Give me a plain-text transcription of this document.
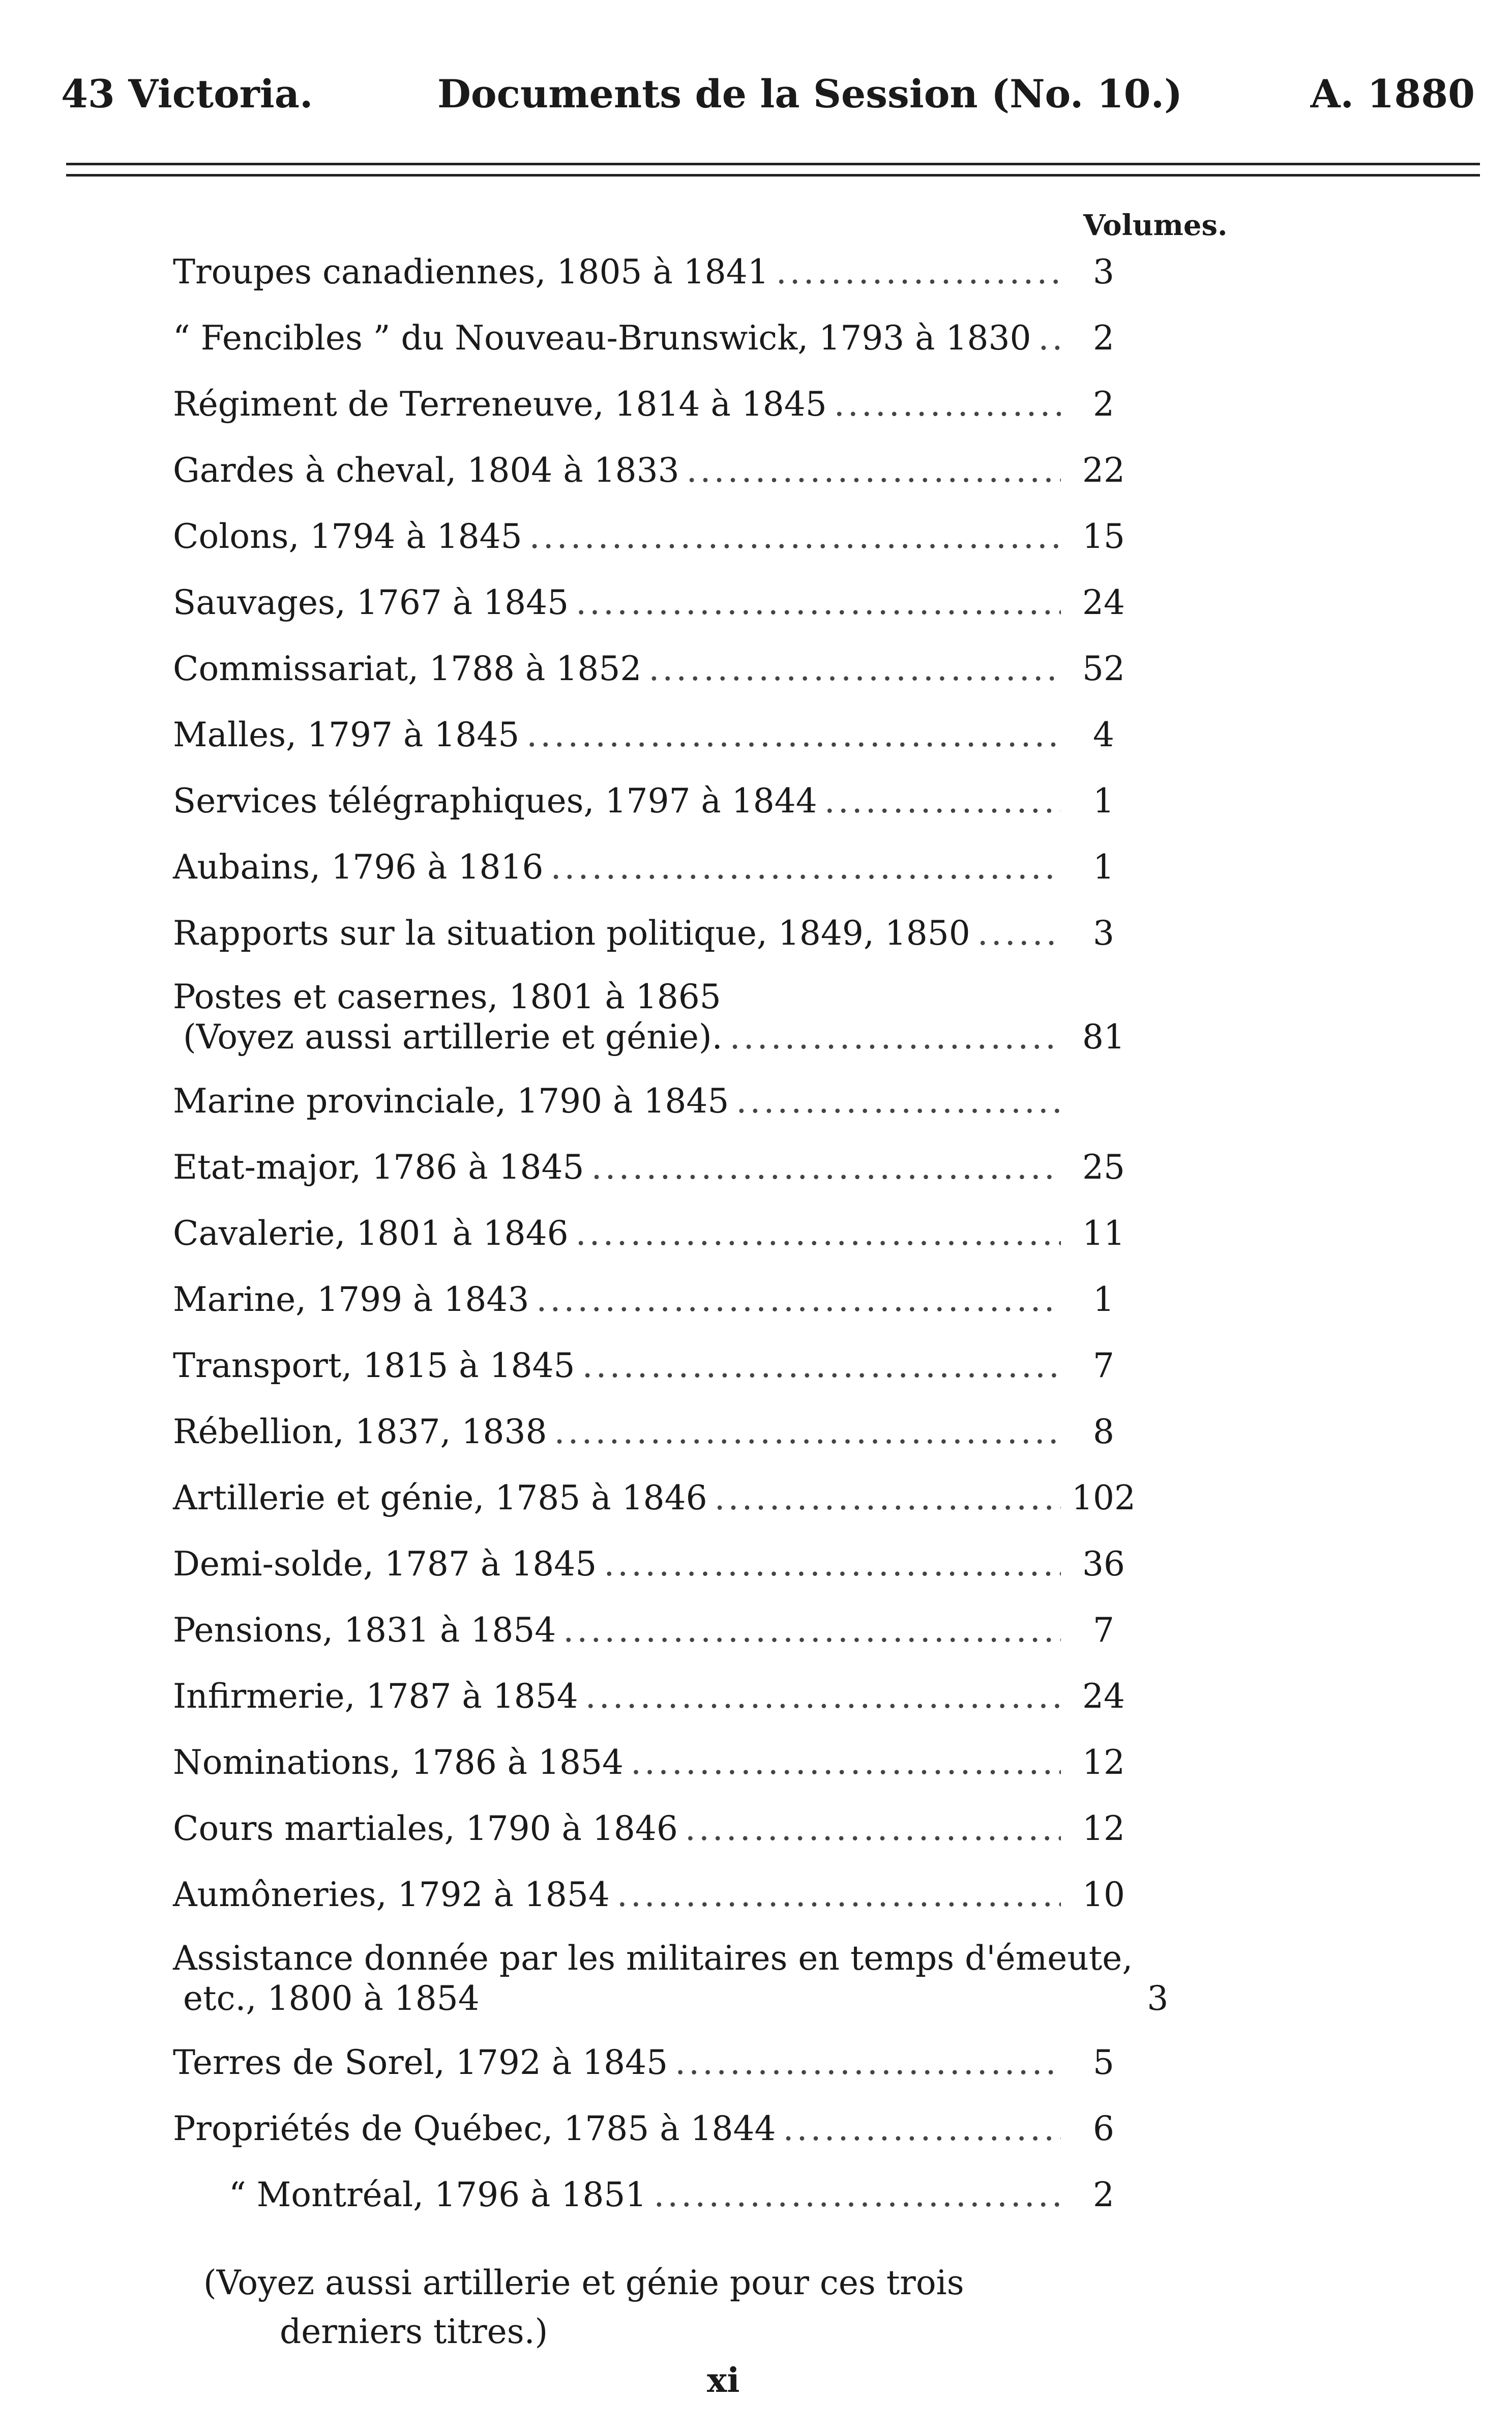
43 Victoria.	Documents de la Session (No. 10.)	A. 1880
Volumes.
Troupes canadiennes, 1805 à 1841 .....	3
“ Fencibles ” du Nouveau-Brunswick, 1793 à 1830 .....	2
Régiment de Terreneuve, 1814 à 1845 .....	2
Gardes à cheval, 1804 à 1833 .....	22
Colons, 1794 à 1845 .....	15
Sauvages, 1767 à 1845 .....	24
Commissariat, 1788 à 1852 .....	52
Malles, 1797 à 1845 .....	4
Services télégraphiques, 1797 à 1844 .....	1
Aubains, 1796 à 1816 .....	1
Rapports sur la situation politique, 1849, 1850 .....	3
Postes et casernes, 1801 à 1865

(Voyez aussi artillerie et génie). .....	81
Marine provinciale, 1790 à 1845
.....
Etat-major, 1786 à 1845 .....	25
Cavalerie, 1801 à 1846 .....	11
Marine, 1799 à 1843 .....	1
Transport, 1815 à 1845 .....	7
Rébellion, 1837, 1838 .....	8
Artillerie et génie, 1785 à 1846 .....	102
Demi-solde, 1787 à 1845 .....	36
Pensions, 1831 à 1854 .....	7
Infirmerie, 1787 à 1854 .....	24
Nominations, 1786 à 1854 .....	12
Cours martiales, 1790 à 1846 .....	12
Aumôneries, 1792 à 1854 .....	10
Assistance donnée par les militaires en temps d'émeute,

etc., 1800 à 1854	3
Terres de Sorel, 1792 à 1845 .....	5
Propriétés de Québec, 1785 à 1844 .....	6
“ Montréal, 1796 à 1851 .....	2
(Voyez aussi artillerie et génie pour ces trois
derniers titres.)
xi
